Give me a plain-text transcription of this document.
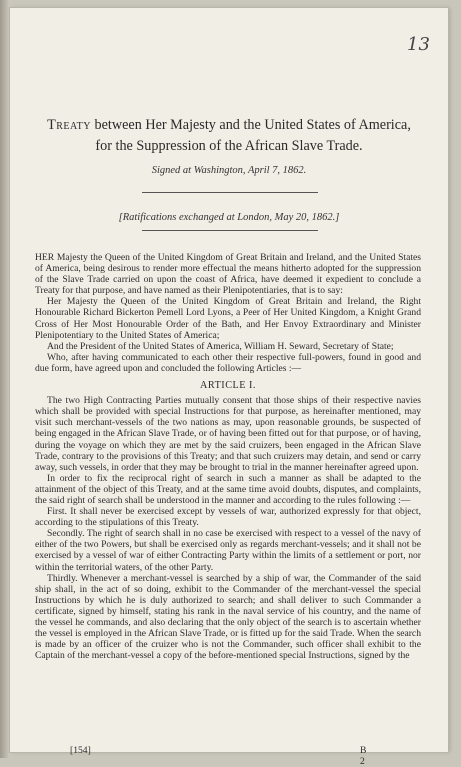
13
Treaty between Her Majesty and the United States of America,
for the Suppression of the African Slave Trade.
Signed at Washington, April 7, 1862.
[Ratifications exchanged at London, May 20, 1862.]

HER Majesty the Queen of the United Kingdom of Great Britain and Ireland, and the United States of America, being desirous to render more effectual the means hitherto adopted for the suppression of the Slave Trade carried on upon the coast of Africa, have deemed it expedient to conclude a Treaty for that purpose, and have named as their Plenipotentiaries, that is to say:

Her Majesty the Queen of the United Kingdom of Great Britain and Ireland, the Right Honourable Richard Bickerton Pemell Lord Lyons, a Peer of Her United Kingdom, a Knight Grand Cross of Her Most Honourable Order of the Bath, and Her Envoy Extraordinary and Minister Plenipotentiary to the United States of America;

And the President of the United States of America, William H. Seward, Secretary of State;

Who, after having communicated to each other their respective full-powers, found in good and due form, have agreed upon and concluded the following Articles :—

ARTICLE I.

The two High Contracting Parties mutually consent that those ships of their respective navies which shall be provided with special Instructions for that purpose, as hereinafter mentioned, may visit such merchant-vessels of the two nations as may, upon reasonable grounds, be suspected of being engaged in the African Slave Trade, or of having been fitted out for that purpose, or of having, during the voyage on which they are met by the said cruizers, been engaged in the African Slave Trade, contrary to the provisions of this Treaty; and that such cruizers may detain, and send or carry away, such vessels, in order that they may be brought to trial in the manner hereinafter agreed upon.

In order to fix the reciprocal right of search in such a manner as shall be adapted to the attainment of the object of this Treaty, and at the same time avoid doubts, disputes, and complaints, the said right of search shall be understood in the manner and according to the rules following :—

First. It shall never be exercised except by vessels of war, authorized expressly for that object, according to the stipulations of this Treaty.

Secondly. The right of search shall in no case be exercised with respect to a vessel of the navy of either of the two Powers, but shall be exercised only as regards merchant-vessels; and it shall not be exercised by a vessel of war of either Contracting Party within the limits of a settlement or port, nor within the territorial waters, of the other Party.

Thirdly. Whenever a merchant-vessel is searched by a ship of war, the Commander of the said ship shall, in the act of so doing, exhibit to the Commander of the merchant-vessel the special Instructions by which he is duly authorized to search; and shall deliver to such Commander a certificate, signed by himself, stating his rank in the naval service of his country, and the name of the vessel he commands, and also declaring that the only object of the search is to ascertain whether the vessel is employed in the African Slave Trade, or is fitted up for the said Trade. When the search is made by an officer of the cruizer who is not the Commander, such officer shall exhibit to the Captain of the merchant-vessel a copy of the before-mentioned special Instructions, signed by the

[154]	B 2
